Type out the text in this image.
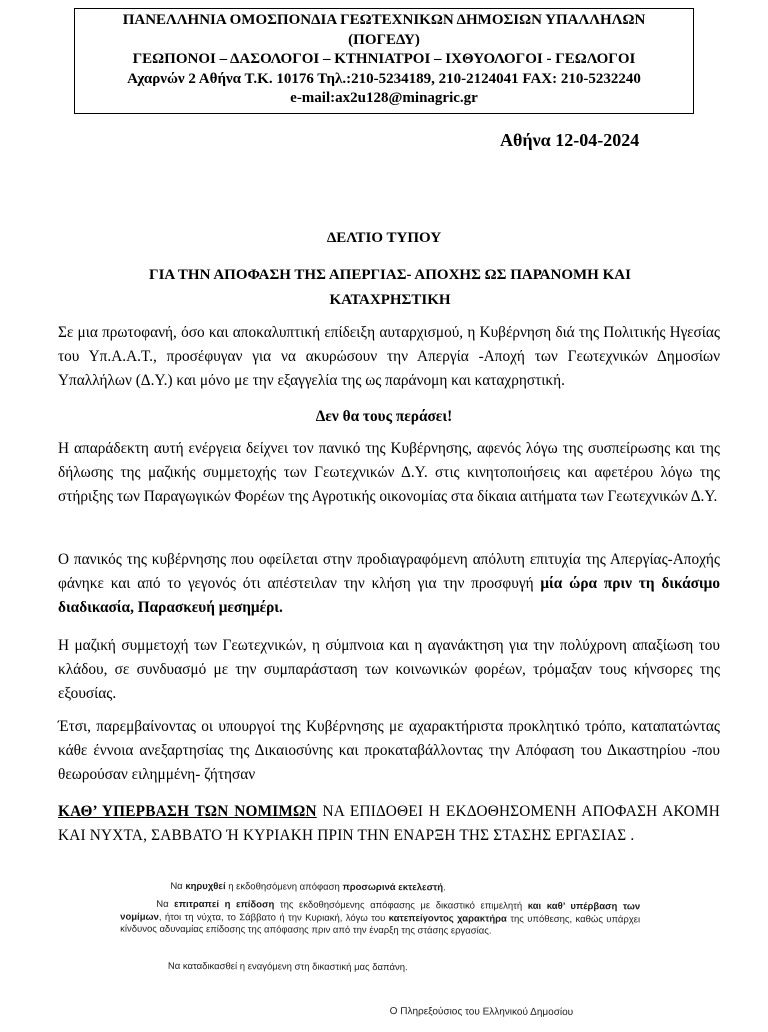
ΠΑΝΕΛΛΗΝΙΑ ΟΜΟΣΠΟΝΔΙΑ ΓΕΩΤΕΧΝΙΚΩΝ ΔΗΜΟΣΙΩΝ ΥΠΑΛΛΗΛΩΝ
(ΠΟΓΕΔΥ)
ΓΕΩΠΟΝΟΙ – ΔΑΣΟΛΟΓΟΙ – ΚΤΗΝΙΑΤΡΟΙ – ΙΧΘΥΟΛΟΓΟΙ - ΓΕΩΛΟΓΟΙ
Αχαρνών 2 Αθήνα Τ.Κ. 10176 Τηλ.:210-5234189, 210-2124041 FAX: 210-5232240
e-mail:ax2u128@minagric.gr
Αθήνα 12-04-2024
ΔΕΛΤΙΟ ΤΥΠΟΥ
ΓΙΑ ΤΗΝ ΑΠΟΦΑΣΗ ΤΗΣ ΑΠΕΡΓΙΑΣ- ΑΠΟΧΗΣ ΩΣ ΠΑΡΑΝΟΜΗ ΚΑΙ
ΚΑΤΑΧΡΗΣΤΙΚΗ
Σε μια πρωτοφανή, όσο και αποκαλυπτική επίδειξη αυταρχισμού, η Κυβέρνηση διά της Πολιτικής Ηγεσίας του Υπ.Α.Α.Τ., προσέφυγαν για να ακυρώσουν την Απεργία -Αποχή των Γεωτεχνικών Δημοσίων Υπαλλήλων (Δ.Υ.) και μόνο με την εξαγγελία της ως παράνομη και καταχρηστική.
Δεν θα τους περάσει!
Η απαράδεκτη αυτή ενέργεια δείχνει τον πανικό της Κυβέρνησης, αφενός λόγω της συσπείρωσης και της δήλωσης της μαζικής συμμετοχής των Γεωτεχνικών Δ.Υ. στις κινητοποιήσεις και αφετέρου λόγω της στήριξης των Παραγωγικών Φορέων της Αγροτικής οικονομίας στα δίκαια αιτήματα των Γεωτεχνικών Δ.Υ.
Ο πανικός της κυβέρνησης που οφείλεται στην προδιαγραφόμενη απόλυτη επιτυχία της Απεργίας-Αποχής φάνηκε και από το γεγονός ότι απέστειλαν την κλήση για την προσφυγή μία ώρα πριν τη δικάσιμο διαδικασία, Παρασκευή μεσημέρι.
Η μαζική συμμετοχή των Γεωτεχνικών, η σύμπνοια και η αγανάκτηση για την πολύχρονη απαξίωση του κλάδου, σε συνδυασμό με την συμπαράσταση των κοινωνικών φορέων, τρόμαξαν τους κήνσορες της εξουσίας.
Έτσι, παρεμβαίνοντας οι υπουργοί της Κυβέρνησης με αχαρακτήριστα προκλητικό τρόπο, καταπατώντας κάθε έννοια ανεξαρτησίας της Δικαιοσύνης και προκαταβάλλοντας την Απόφαση του Δικαστηρίου -που θεωρούσαν ειλημμένη- ζήτησαν
ΚΑΘ’ ΥΠΕΡΒΑΣΗ ΤΩΝ ΝΟΜΙΜΩΝ ΝΑ ΕΠΙΔΟΘΕΙ Η ΕΚΔΟΘΗΣΟΜΕΝΗ ΑΠΟΦΑΣΗ ΑΚΟΜΗ ΚΑΙ ΝΥΧΤΑ, ΣΑΒΒΑΤΟ Ή ΚΥΡΙΑΚΗ ΠΡΙΝ ΤΗΝ ΕΝΑΡΞΗ ΤΗΣ ΣΤΑΣΗΣ ΕΡΓΑΣΙΑΣ .

Να κηρυχθεί η εκδοθησόμενη απόφαση προσωρινά εκτελεστή.

Να επιτραπεί η επίδοση της εκδοθησόμενης απόφασης με δικαστικό επιμελητή και καθ’ υπέρβαση των νομίμων, ήτοι τη νύχτα, το Σάββατο ή την Κυριακή, λόγω του κατεπείγοντος χαρακτήρα της υπόθεσης, καθώς υπάρχει κίνδυνος αδυναμίας επίδοσης της απόφασης πριν από την έναρξη της στάσης εργασίας.

Να καταδικασθεί η εναγόμενη στη δικαστική μας δαπάνη.

Ο Πληρεξούσιος του Ελληνικού Δημοσίου
